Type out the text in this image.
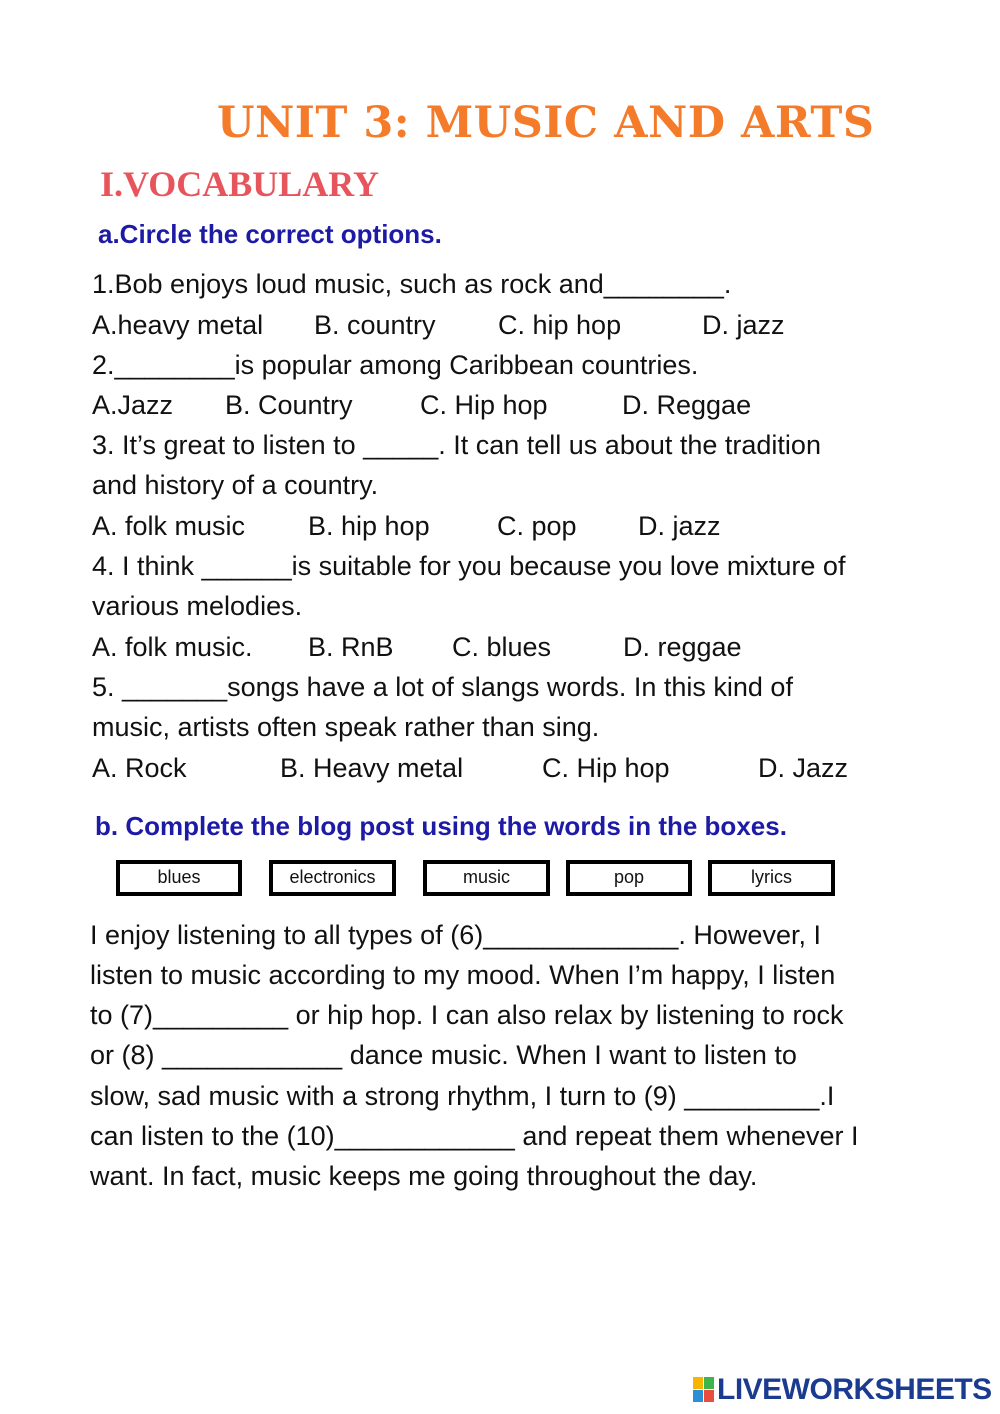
UNIT 3: MUSIC AND ARTS
I.VOCABULARY
a.Circle the correct options.
1.Bob enjoys loud music, such as rock and________.
2.________is popular among Caribbean countries.
3. It’s great to listen to _____. It can tell us about the tradition
and history of a country.
4. I think ______is suitable for you because you love mixture of
various melodies.
5. _______songs have a lot of slangs words. In this kind of
music, artists often speak rather than sing.
A.heavy metal B. country C. hip hop	D. jazz
A.Jazz B. Country C. Hip hop	D. Reggae
A. folk music B. hip hop C. pop D. jazz
A. folk music. B. RnB C. blues	D. reggae
A. Rock	B. Heavy metal	C. Hip hop	D. Jazz
b. Complete the blog post using the words in the boxes.
blues	electronics	music	pop	lyrics
I enjoy listening to all types of (6)_____________. However, I
listen to music according to my mood. When I’m happy, I listen
to (7)_________ or hip hop. I can also relax by listening to rock
or (8) ____________ dance music. When I want to listen to
slow, sad music with a strong rhythm, I turn to (9) _________.I
can listen to the (10)____________ and repeat them whenever I
want. In fact, music keeps me going throughout the day.
LIVEWORKSHEETS
